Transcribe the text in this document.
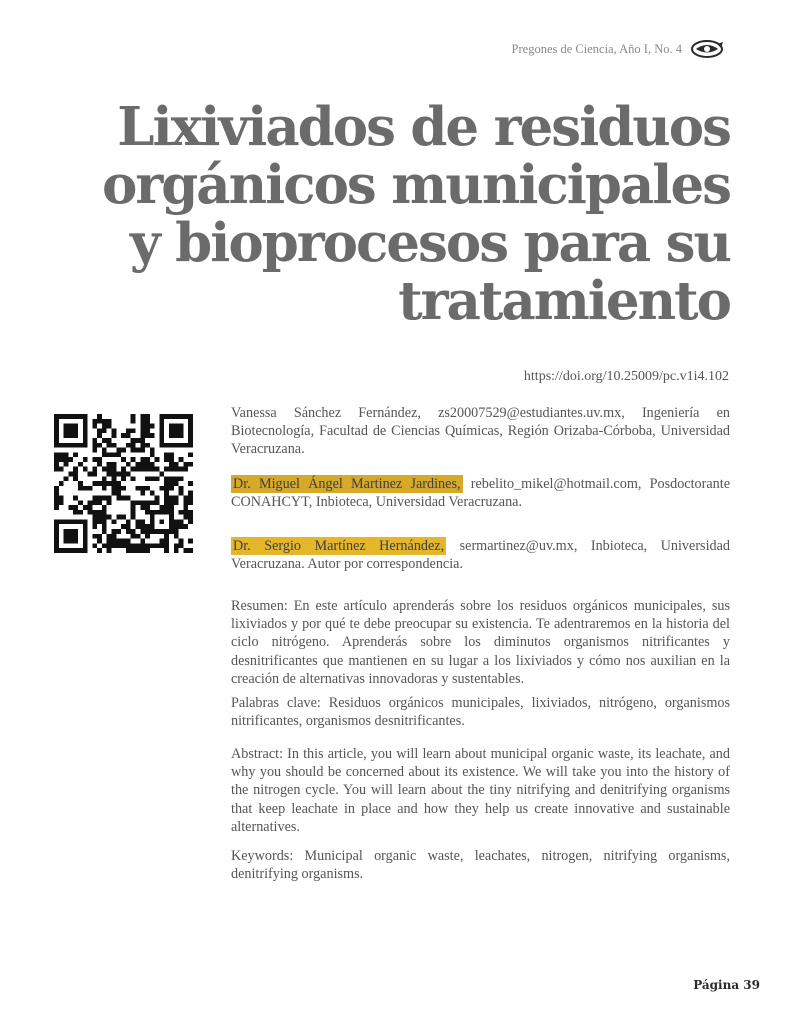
Pregones de Ciencia, Año I, No. 4
Lixiviados de residuos orgánicos municipales y bioprocesos para su tratamiento
https://doi.org/10.25009/pc.v1i4.102

Vanessa Sánchez Fernández, zs20007529@estudiantes.uv.mx, Ingeniería en Biotecnología, Facultad de Ciencias Químicas, Región Orizaba-Córboba, Universidad Veracruzana.

Dr. Miguel Ángel Martinez Jardines, rebelito_mikel@hotmail.com, Posdoctorante CONAHCYT, Inbioteca, Universidad Veracruzana.

Dr. Sergio Martínez Hernández, sermartinez@uv.mx, Inbioteca, Universidad Veracruzana. Autor por correspondencia.

Resumen: En este artículo aprenderás sobre los residuos orgánicos municipales, sus lixiviados y por qué te debe preocupar su existencia. Te adentraremos en la historia del ciclo nitrógeno. Aprenderás sobre los diminutos organismos nitrificantes y desnitrificantes que mantienen en su lugar a los lixiviados y cómo nos auxilian en la creación de alternativas innovadoras y sustentables.

Palabras clave: Residuos orgánicos municipales, lixiviados, nitrógeno, organismos nitrificantes, organismos desnitrificantes.

Abstract: In this article, you will learn about municipal organic waste, its leachate, and why you should be concerned about its existence. We will take you into the history of the nitrogen cycle. You will learn about the tiny nitrifying and denitrifying organisms that keep leachate in place and how they help us create innovative and sustainable alternatives.

Keywords: Municipal organic waste, leachates, nitrogen, nitrifying organisms, denitrifying organisms.

Página 39
